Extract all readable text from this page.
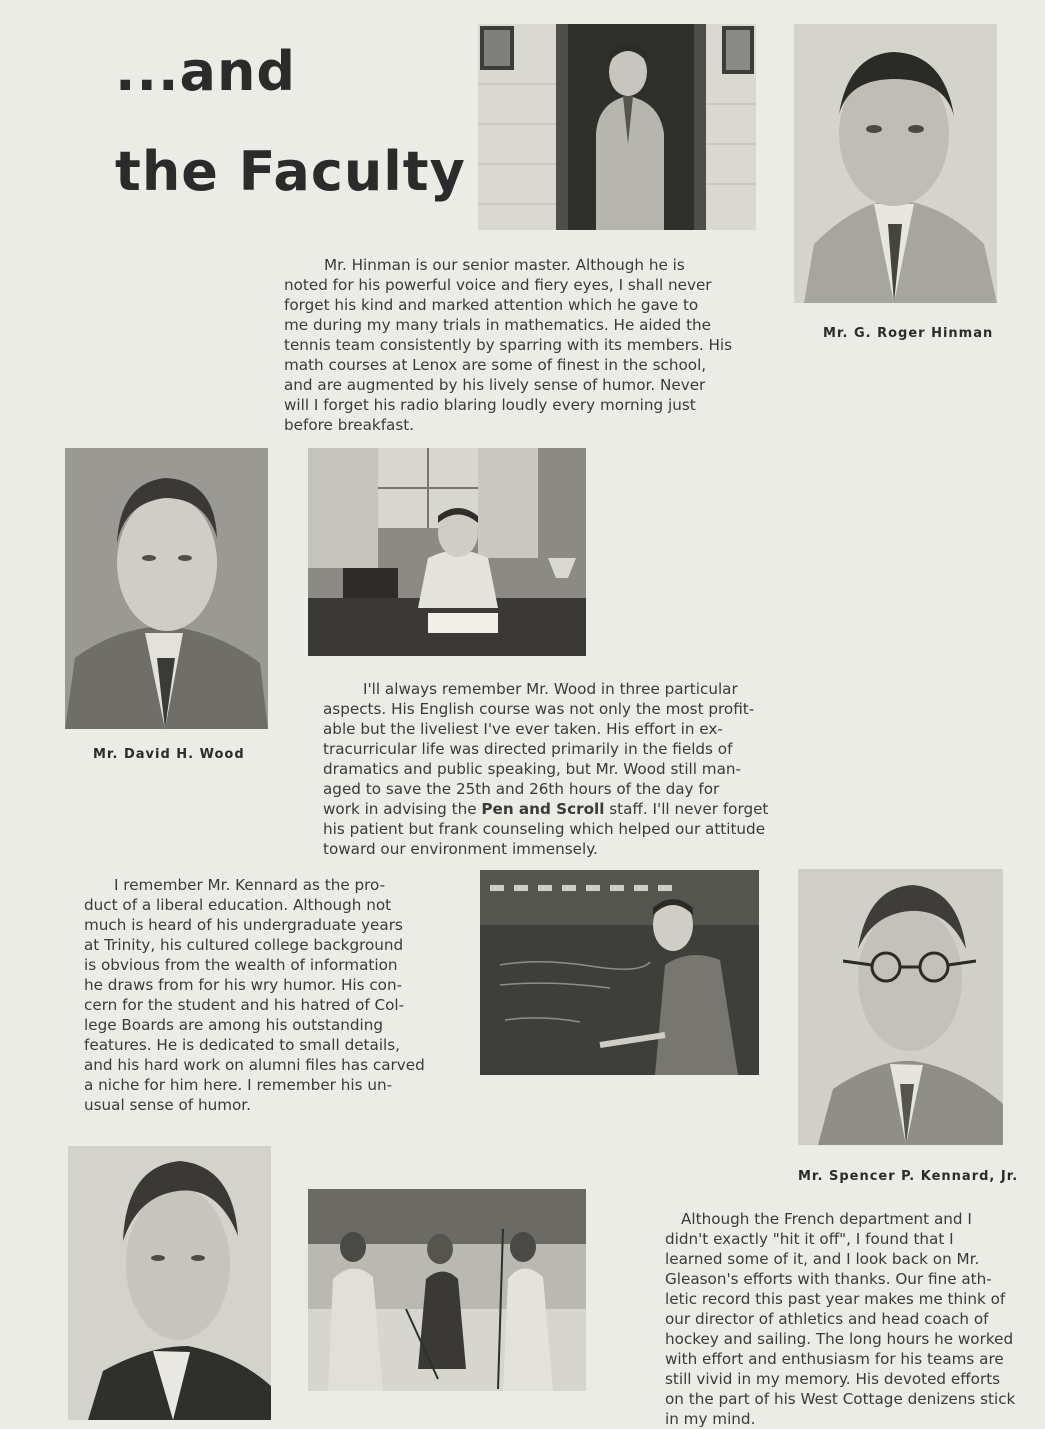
...and
the Faculty

Mr. G. Roger Hinman

Mr. Hinman is our senior master. Although he is
noted for his powerful voice and fiery eyes, I shall never
forget his kind and marked attention which he gave to
me during my many trials in mathematics. He aided the
tennis team consistently by sparring with its members. His
math courses at Lenox are some of finest in the school,
and are augmented by his lively sense of humor. Never
will I forget his radio blaring loudly every morning just
before breakfast.

Mr. David H. Wood

I'll always remember Mr. Wood in three particular
aspects. His English course was not only the most profit-
able but the liveliest I've ever taken. His effort in ex-
tracurricular life was directed primarily in the fields of
dramatics and public speaking, but Mr. Wood still man-
aged to save the 25th and 26th hours of the day for
work in advising the Pen and Scroll staff. I'll never forget
his patient but frank counseling which helped our attitude
toward our environment immensely.
I remember Mr. Kennard as the pro-
duct of a liberal education. Although not
much is heard of his undergraduate years
at Trinity, his cultured college background
is obvious from the wealth of information
he draws from for his wry humor. His con-
cern for the student and his hatred of Col-
lege Boards are among his outstanding
features. He is dedicated to small details,
and his hard work on alumni files has carved
a niche for him here. I remember his un-
usual sense of humor.

Mr. Spencer P. Kennard, Jr.

Although the French department and I
didn't exactly "hit it off", I found that I
learned some of it, and I look back on Mr.
Gleason's efforts with thanks. Our fine ath-
letic record this past year makes me think of
our director of athletics and head coach of
hockey and sailing. The long hours he worked
with effort and enthusiasm for his teams are
still vivid in my memory. His devoted efforts
on the part of his West Cottage denizens stick
in my mind.
